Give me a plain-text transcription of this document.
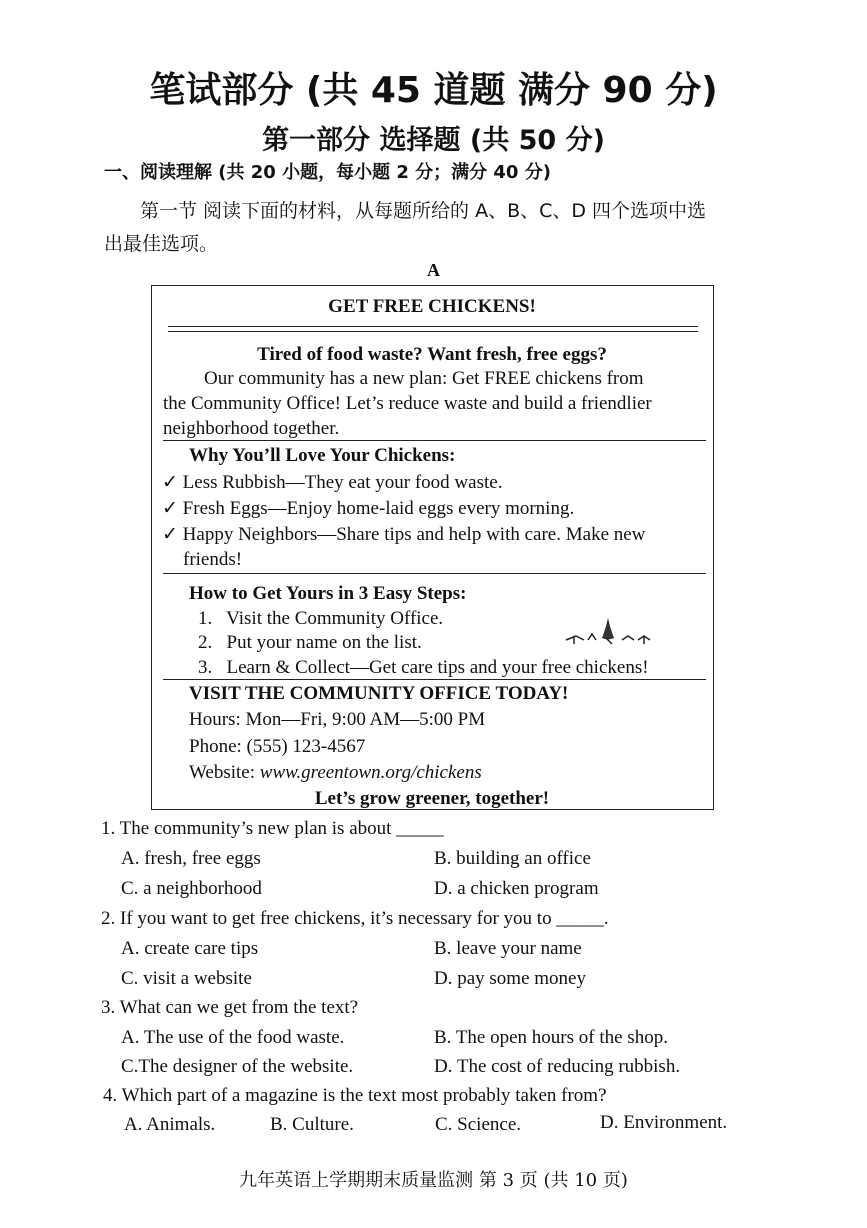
笔试部分 (共 45 道题 满分 90 分)
第一部分 选择题 (共 50 分)
一、阅读理解 (共 20 小题，每小题 2 分；满分 40 分)
第一节 阅读下面的材料，从每题所给的 A、B、C、D 四个选项中选
出最佳选项。
A
GET FREE CHICKENS!
Tired of food waste? Want fresh, free eggs?
Our community has a new plan: Get FREE chickens from
the Community Office! Let’s reduce waste and build a friendlier
neighborhood together.
Why You’ll Love Your Chickens:
✓ Less Rubbish—They eat your food waste.
✓ Fresh Eggs—Enjoy home-laid eggs every morning.
✓ Happy Neighbors—Share tips and help with care. Make new
friends!
How to Get Yours in 3 Easy Steps:
1. Visit the Community Office.
2. Put your name on the list.
3. Learn & Collect—Get care tips and your free chickens!
VISIT THE COMMUNITY OFFICE TODAY!
Hours: Mon—Fri, 9:00 AM—5:00 PM
Phone: (555) 123-4567
Website: www.greentown.org/chickens
Let’s grow greener, together!
1. The community’s new plan is about _____
A. fresh, free eggs	B. building an office
C. a neighborhood	D. a chicken program
2. If you want to get free chickens, it’s necessary for you to _____.
A. create care tips	B. leave your name
C. visit a website	D. pay some money
3. What can we get from the text?
A. The use of the food waste.	B. The open hours of the shop.
C.The designer of the website.	D. The cost of reducing rubbish.
4. Which part of a magazine is the text most probably taken from?
A. Animals.	B. Culture.	C. Science.	D. Environment.
九年英语上学期期末质量监测 第 3 页 (共 10 页)
